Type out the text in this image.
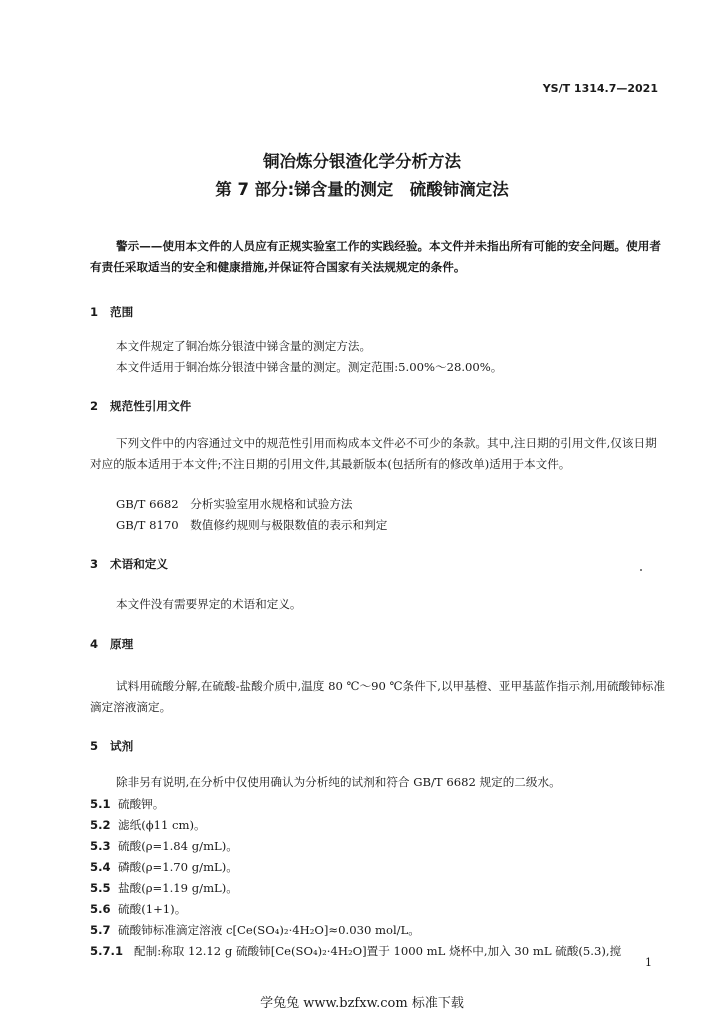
YS/T 1314.7—2021
铜冶炼分银渣化学分析方法
第 7 部分:锑含量的测定　硫酸铈滴定法
警示——使用本文件的人员应有正规实验室工作的实践经验。本文件并未指出所有可能的安全问题。使用者有责任采取适当的安全和健康措施,并保证符合国家有关法规规定的条件。
1 范围
本文件规定了铜冶炼分银渣中锑含量的测定方法。
本文件适用于铜冶炼分银渣中锑含量的测定。测定范围:5.00%～28.00%。
2 规范性引用文件
下列文件中的内容通过文中的规范性引用而构成本文件必不可少的条款。其中,注日期的引用文件,仅该日期对应的版本适用于本文件;不注日期的引用文件,其最新版本(包括所有的修改单)适用于本文件。
GB/T 6682　分析实验室用水规格和试验方法
GB/T 8170　数值修约规则与极限数值的表示和判定
3 术语和定义
本文件没有需要界定的术语和定义。
4 原理
试料用硫酸分解,在硫酸-盐酸介质中,温度 80 ℃～90 ℃条件下,以甲基橙、亚甲基蓝作指示剂,用硫酸铈标准滴定溶液滴定。
5 试剂
除非另有说明,在分析中仅使用确认为分析纯的试剂和符合 GB/T 6682 规定的二级水。
5.1 硫酸钾。
5.2 滤纸(ϕ11 cm)。
5.3 硫酸(ρ=1.84 g/mL)。
5.4 磷酸(ρ=1.70 g/mL)。
5.5 盐酸(ρ=1.19 g/mL)。
5.6 硫酸(1+1)。
5.7 硫酸铈标准滴定溶液 c[Ce(SO₄)₂·4H₂O]≈0.030 mol/L。
5.7.1 配制:称取 12.12 g 硫酸铈[Ce(SO₄)₂·4H₂O]置于 1000 mL 烧杯中,加入 30 mL 硫酸(5.3),搅
1
学兔兔 www.bzfxw.com 标准下载
